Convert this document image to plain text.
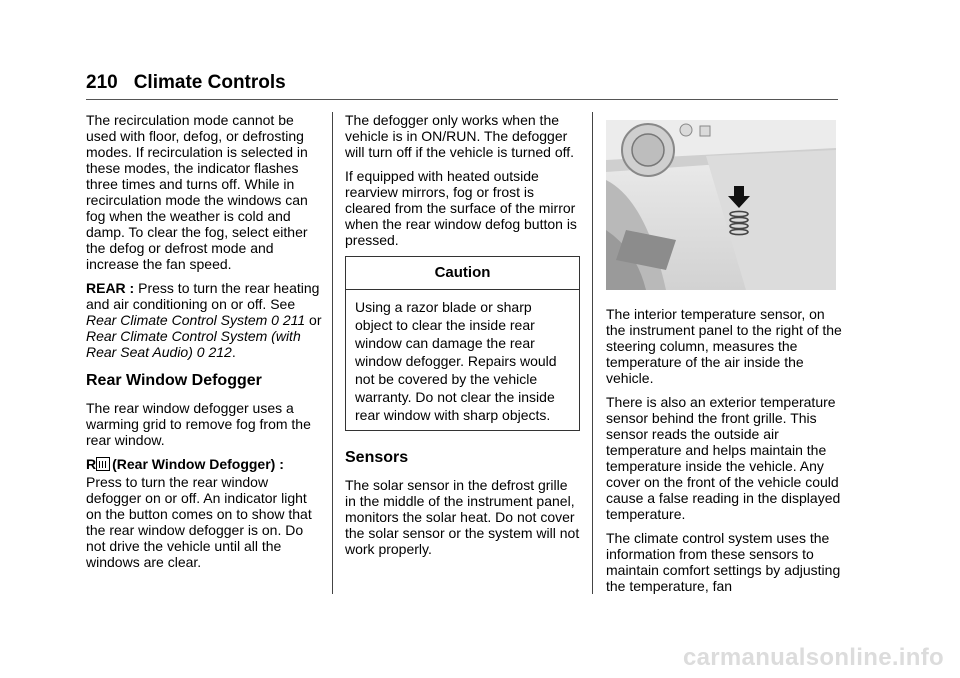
210 Climate Controls

The recirculation mode cannot be used with floor, defog, or defrosting modes. If recirculation is selected in these modes, the indicator flashes three times and turns off. While in recirculation mode the windows can fog when the weather is cold and damp. To clear the fog, select either the defog or defrost mode and increase the fan speed.

REAR : Press to turn the rear heating and air conditioning on or off. See Rear Climate Control System 0 211 or Rear Climate Control System (with Rear Seat Audio) 0 212.

Rear Window Defogger

The rear window defogger uses a warming grid to remove fog from the rear window.

R (Rear Window Defogger) :

Press to turn the rear window defogger on or off. An indicator light on the button comes on to show that the rear window defogger is on. Do not drive the vehicle until all the windows are clear.

The defogger only works when the vehicle is in ON/RUN. The defogger will turn off if the vehicle is turned off.

If equipped with heated outside rearview mirrors, fog or frost is cleared from the surface of the mirror when the rear window defog button is pressed.

Caution
Using a razor blade or sharp object to clear the inside rear window can damage the rear window defogger. Repairs would not be covered by the vehicle warranty. Do not clear the inside rear window with sharp objects.
Sensors

The solar sensor in the defrost grille in the middle of the instrument panel, monitors the solar heat. Do not cover the solar sensor or the system will not work properly.

The interior temperature sensor, on the instrument panel to the right of the steering column, measures the temperature of the air inside the vehicle.

There is also an exterior temperature sensor behind the front grille. This sensor reads the outside air temperature and helps maintain the temperature inside the vehicle. Any cover on the front of the vehicle could cause a false reading in the displayed temperature.

The climate control system uses the information from these sensors to maintain comfort settings by adjusting the temperature, fan

carmanualsonline.info
